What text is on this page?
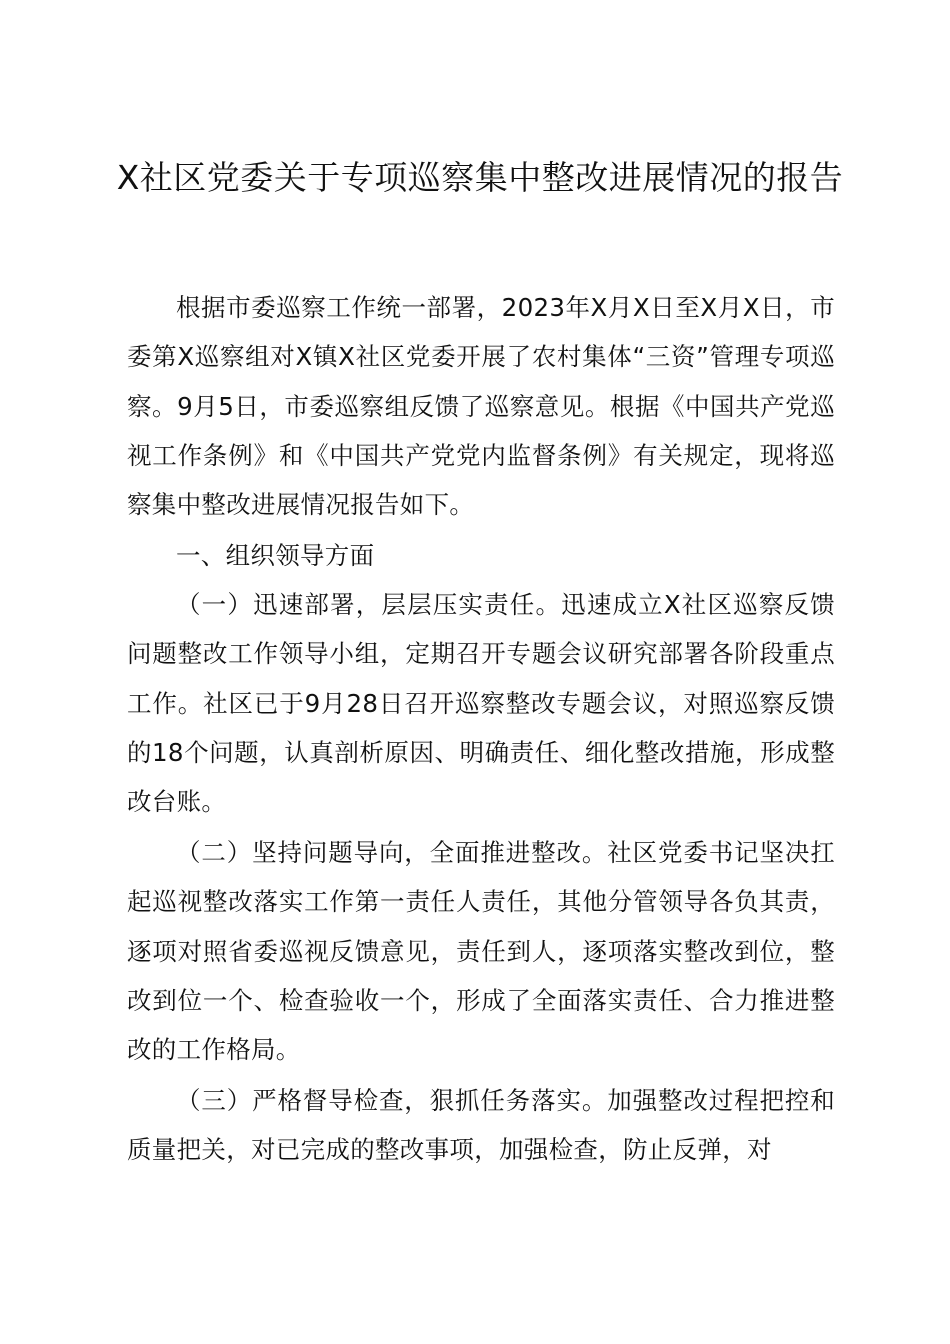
X社区党委关于专项巡察集中整改进展情况的报告

根据市委巡察工作统一部署，2023年X月X日至X月X日，市委第X巡察组对X镇X社区党委开展了农村集体“三资”管理专项巡察。9月5日，市委巡察组反馈了巡察意见。根据《中国共产党巡视工作条例》和《中国共产党党内监督条例》有关规定，现将巡察集中整改进展情况报告如下。

一、组织领导方面

（一）迅速部署，层层压实责任。迅速成立X社区巡察反馈问题整改工作领导小组，定期召开专题会议研究部署各阶段重点工作。社区已于9月28日召开巡察整改专题会议，对照巡察反馈的18个问题，认真剖析原因、明确责任、细化整改措施，形成整改台账。

（二）坚持问题导向，全面推进整改。社区党委书记坚决扛起巡视整改落实工作第一责任人责任，其他分管领导各负其责，逐项对照省委巡视反馈意见，责任到人，逐项落实整改到位，整改到位一个、检查验收一个，形成了全面落实责任、合力推进整改的工作格局。

（三）严格督导检查，狠抓任务落实。加强整改过程把控和质量把关，对已完成的整改事项，加强检查，防止反弹，对
